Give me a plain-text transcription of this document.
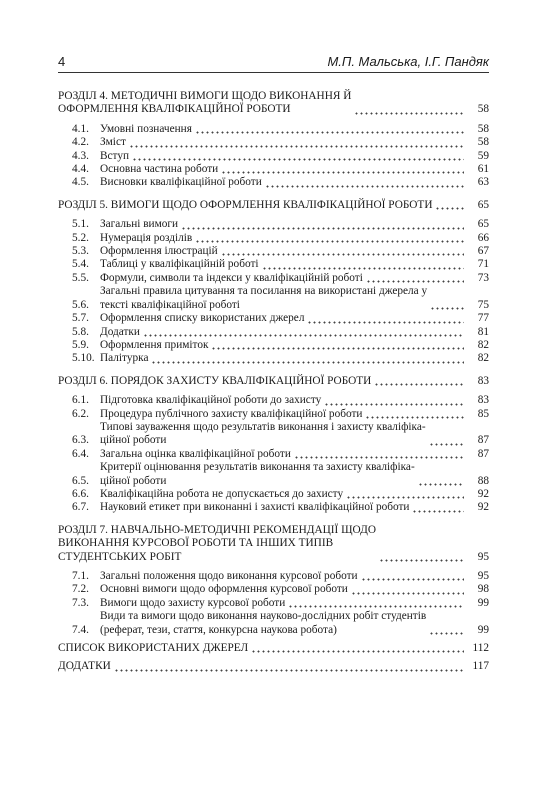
4	М.П. Мальська, І.Г. Пандяк
РОЗДІЛ 4. МЕТОДИЧНІ ВИМОГИ ЩОДО ВИКОНАННЯ Й
ОФОРМЛЕННЯ КВАЛІФІКАЦІЙНОЇ РОБОТИ	58
4.1. Умовні позначення	58
4.2. Зміст	58
4.3. Вступ	59
4.4. Основна частина роботи	61
4.5. Висновки кваліфікаційної роботи	63
РОЗДІЛ 5. ВИМОГИ ЩОДО ОФОРМЛЕННЯ КВАЛІФІКАЦІЙНОЇ РОБОТИ	65
5.1. Загальні вимоги	65
5.2. Нумерація розділів	66
5.3. Оформлення ілюстрацій	67
5.4. Таблиці у кваліфікаційній роботі	71
5.5. Формули, символи та індекси у кваліфікаційній роботі	73
5.6.
Загальні правила цитування та посилання на використані джерела у
тексті кваліфікаційної роботі	75
5.7. Оформлення списку використаних джерел	77
5.8. Додатки	81
5.9. Оформлення приміток	82
5.10. Палітурка	82
РОЗДІЛ 6. ПОРЯДОК ЗАХИСТУ КВАЛІФІКАЦІЙНОЇ РОБОТИ	83
6.1. Підготовка кваліфікаційної роботи до захисту	83
6.2. Процедура публічного захисту кваліфікаційної роботи	85
6.3.
Типові зауваження щодо результатів виконання і захисту кваліфіка-
ційної роботи	87
6.4. Загальна оцінка кваліфікаційної роботи	87
6.5.
Критерії оцінювання результатів виконання та захисту кваліфіка-
ційної роботи	88
6.6. Кваліфікаційна робота не допускається до захисту	92
6.7. Науковий етикет при виконанні і захисті кваліфікаційної роботи	92
РОЗДІЛ 7. НАВЧАЛЬНО-МЕТОДИЧНІ РЕКОМЕНДАЦІЇ ЩОДО
ВИКОНАННЯ КУРСОВОЇ РОБОТИ ТА ІНШИХ ТИПІВ
СТУДЕНТСЬКИХ РОБІТ	95
7.1. Загальні положення щодо виконання курсової роботи	95
7.2. Основні вимоги щодо оформлення курсової роботи	98
7.3. Вимоги щодо захисту курсової роботи	99
7.4.
Види та вимоги щодо виконання науково-дослідних робіт студентів
(реферат, тези, стаття, конкурсна наукова робота)	99
СПИСОК ВИКОРИСТАНИХ ДЖЕРЕЛ	112
ДОДАТКИ	117
